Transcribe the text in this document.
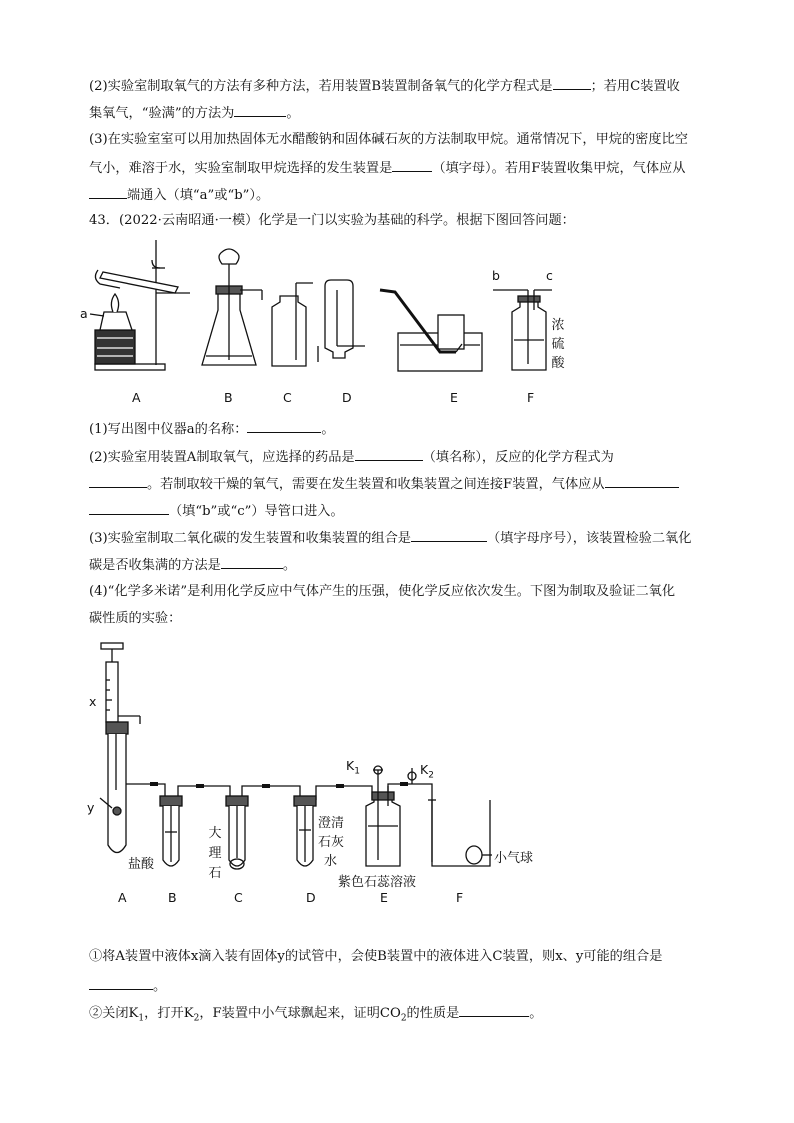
(2)实验室制取氧气的方法有多种方法，若用装置B装置制备氧气的化学方程式是	；若用C装置收
集氧气，“验满”的方法为	。
(3)在实验室室可以用加热固体无水醋酸钠和固体碱石灰的方法制取甲烷。通常情况下，甲烷的密度比空
气小，难溶于水，实验室制取甲烷选择的发生装置是	（填字母）。若用F装置收集甲烷，气体应从
端通入（填“a”或“b”）。
43．(2022·云南昭通·一模）化学是一门以实验为基础的科学。根据下图回答问题：
a
b	c
浓
硫
酸
A	B	C	D	E	F
(1)写出图中仪器a的名称：	。
(2)实验室用装置A制取氧气，应选择的药品是	（填名称），反应的化学方程式为
。若制取较干燥的氧气，需要在发生装置和收集装置之间连接F装置，气体应从
（填“b”或“c”）导管口进入。
(3)实验室制取二氧化碳的发生装置和收集装置的组合是	（填字母序号），该装置检验二氧化
碳是否收集满的方法是	。
(4)“化学多米诺”是利用化学反应中气体产生的压强，使化学反应依次发生。下图为制取及验证二氧化
碳性质的实验：
x
y
$K_1$	$K_2$
盐酸
大
理
石
澄清
石灰
水
紫色石蕊溶液
小气球
A	B	C	D	E	F
①将A装置中液体x滴入装有固体y的试管中，会使B装置中的液体进入C装置，则x、y可能的组合是
。
②关闭$K_1$，打开$K_2$，F装置中小气球飘起来，证明$CO_2$的性质是	。
